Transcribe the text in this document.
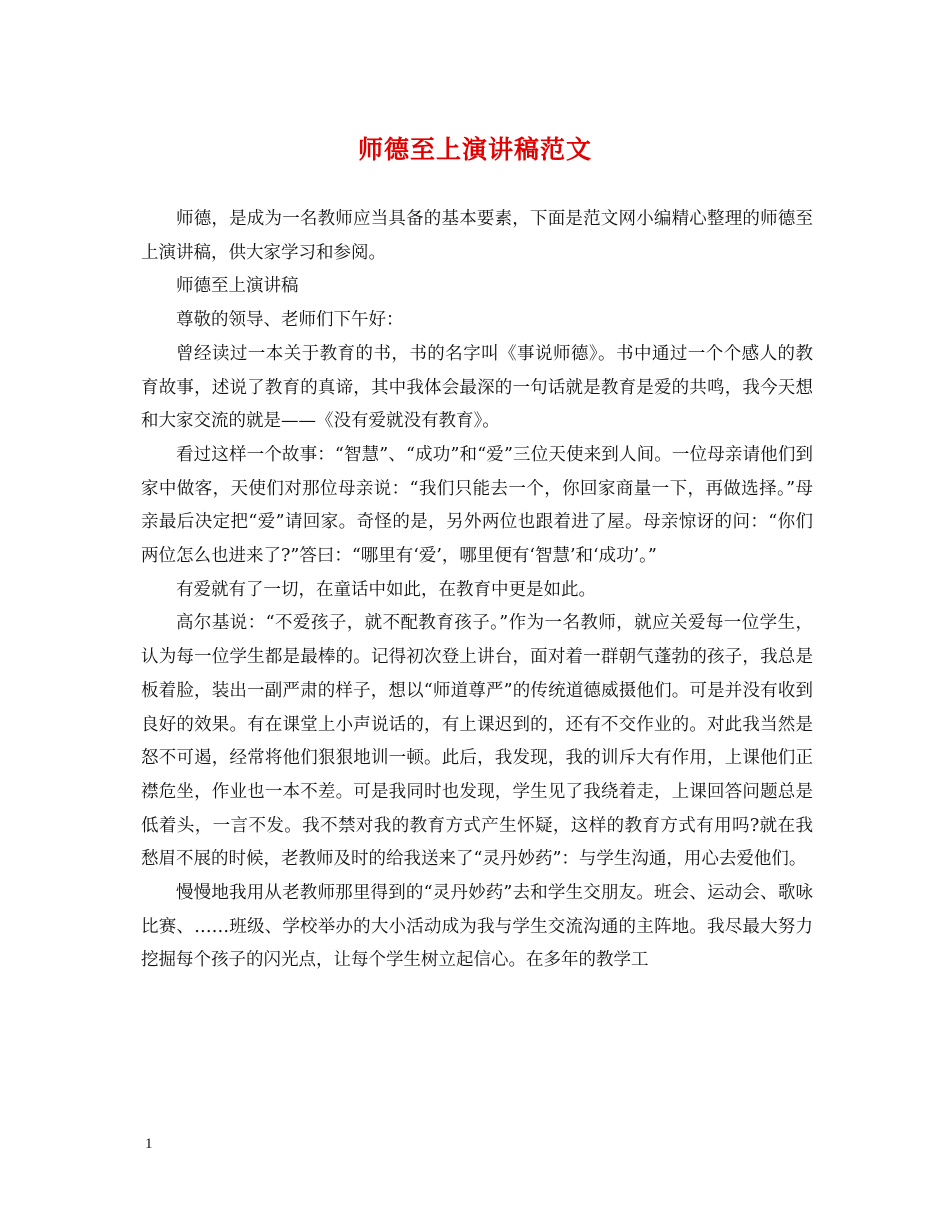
师德至上演讲稿范文

师德，是成为一名教师应当具备的基本要素，下面是范文网小编精心整理的师德至上演讲稿，供大家学习和参阅。

师德至上演讲稿

尊敬的领导、老师们下午好：

曾经读过一本关于教育的书，书的名字叫《事说师德》。书中通过一个个感人的教育故事，述说了教育的真谛，其中我体会最深的一句话就是教育是爱的共鸣，我今天想和大家交流的就是——《没有爱就没有教育》。

看过这样一个故事：“智慧”、“成功”和“爱”三位天使来到人间。一位母亲请他们到家中做客，天使们对那位母亲说：“我们只能去一个，你回家商量一下，再做选择。”母亲最后决定把“爱”请回家。奇怪的是，另外两位也跟着进了屋。母亲惊讶的问：“你们两位怎么也进来了?”答曰：“哪里有‘爱’，哪里便有‘智慧’和‘成功’。”

有爱就有了一切，在童话中如此，在教育中更是如此。

高尔基说：“不爱孩子，就不配教育孩子。”作为一名教师，就应关爱每一位学生，认为每一位学生都是最棒的。记得初次登上讲台，面对着一群朝气蓬勃的孩子，我总是板着脸，装出一副严肃的样子，想以“师道尊严”的传统道德威摄他们。可是并没有收到良好的效果。有在课堂上小声说话的，有上课迟到的，还有不交作业的。对此我当然是怒不可遏，经常将他们狠狠地训一顿。此后，我发现，我的训斥大有作用，上课他们正襟危坐，作业也一本不差。可是我同时也发现，学生见了我绕着走，上课回答问题总是低着头，一言不发。我不禁对我的教育方式产生怀疑，这样的教育方式有用吗?就在我愁眉不展的时候，老教师及时的给我送来了“灵丹妙药”：与学生沟通，用心去爱他们。

慢慢地我用从老教师那里得到的“灵丹妙药”去和学生交朋友。班会、运动会、歌咏比赛、……班级、学校举办的大小活动成为我与学生交流沟通的主阵地。我尽最大努力挖掘每个孩子的闪光点，让每个学生树立起信心。在多年的教学工

1
